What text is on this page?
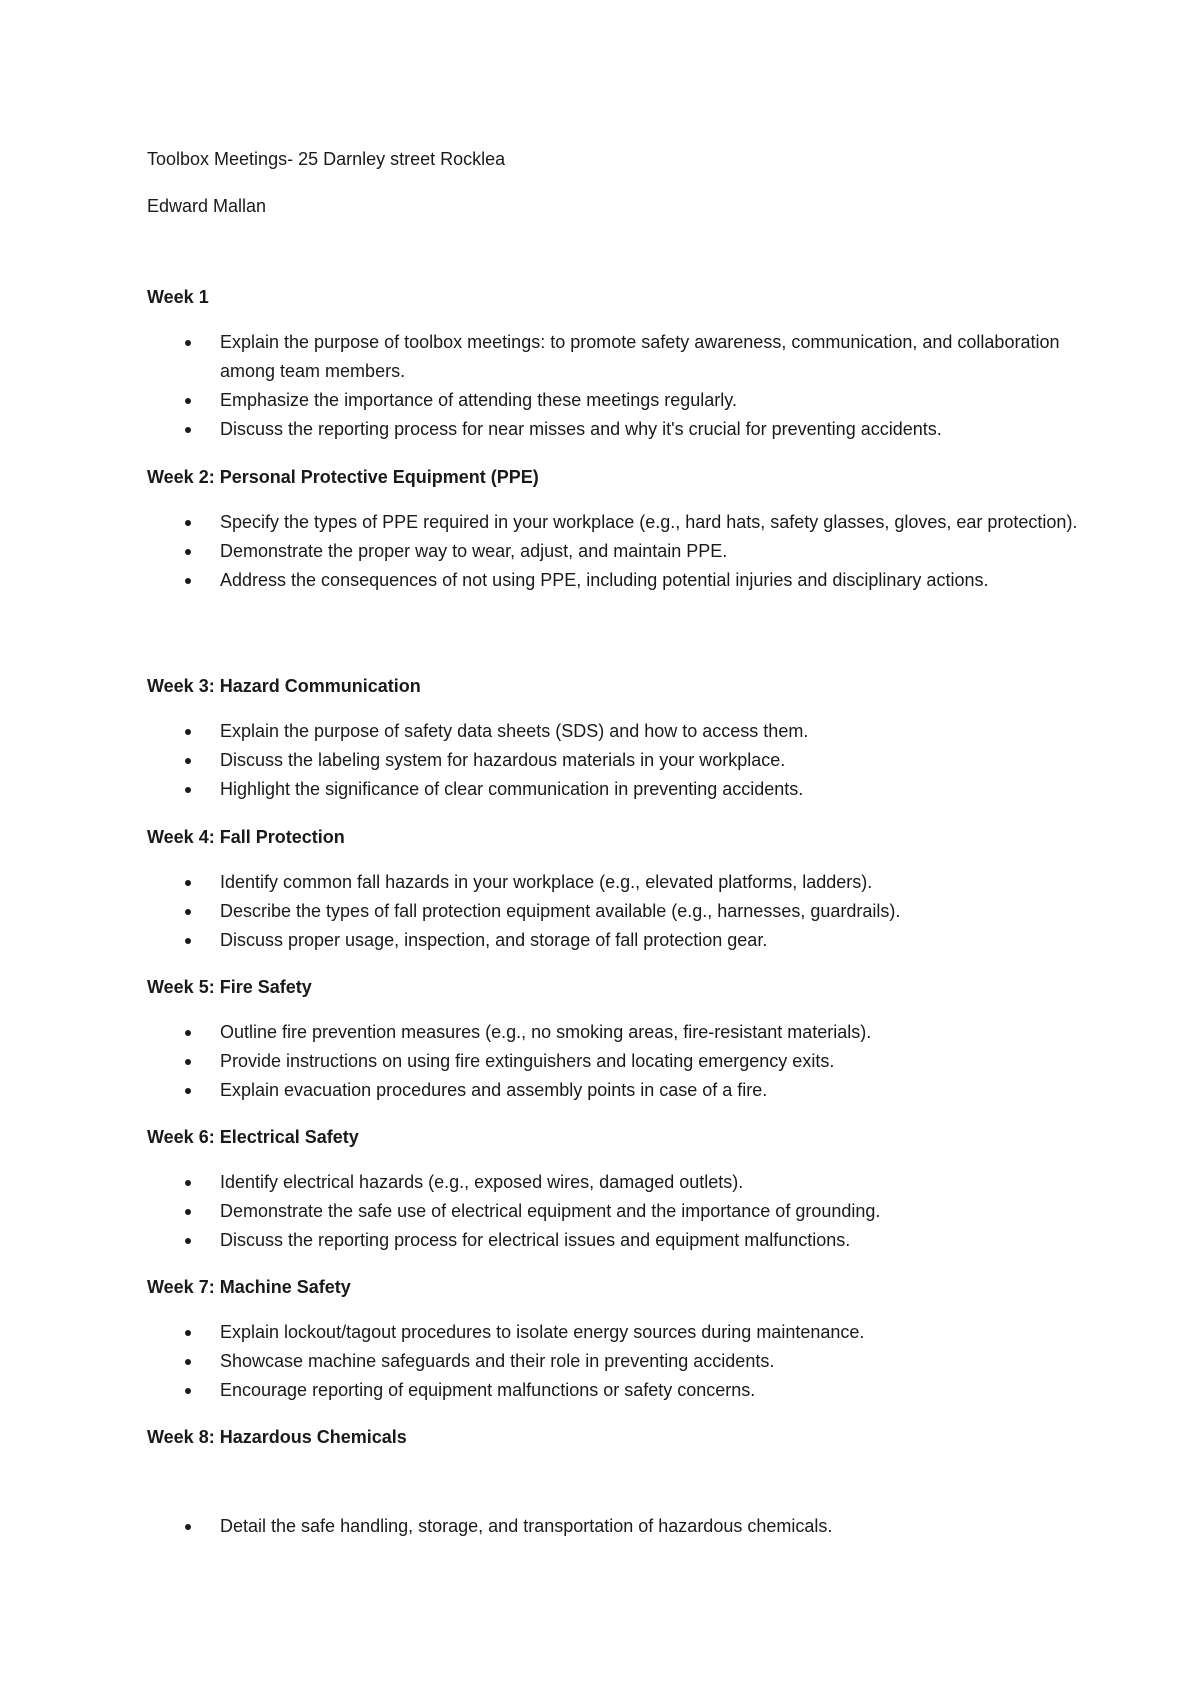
Toolbox Meetings- 25 Darnley street Rocklea

Edward Mallan

Week 1

Explain the purpose of toolbox meetings: to promote safety awareness, communication, and collaboration among team members.
Emphasize the importance of attending these meetings regularly.
Discuss the reporting process for near misses and why it's crucial for preventing accidents.

Week 2: Personal Protective Equipment (PPE)

Specify the types of PPE required in your workplace (e.g., hard hats, safety glasses, gloves, ear protection).
Demonstrate the proper way to wear, adjust, and maintain PPE.
Address the consequences of not using PPE, including potential injuries and disciplinary actions.

Week 3: Hazard Communication

Explain the purpose of safety data sheets (SDS) and how to access them.
Discuss the labeling system for hazardous materials in your workplace.
Highlight the significance of clear communication in preventing accidents.

Week 4: Fall Protection

Identify common fall hazards in your workplace (e.g., elevated platforms, ladders).
Describe the types of fall protection equipment available (e.g., harnesses, guardrails).
Discuss proper usage, inspection, and storage of fall protection gear.

Week 5: Fire Safety

Outline fire prevention measures (e.g., no smoking areas, fire-resistant materials).
Provide instructions on using fire extinguishers and locating emergency exits.
Explain evacuation procedures and assembly points in case of a fire.

Week 6: Electrical Safety

Identify electrical hazards (e.g., exposed wires, damaged outlets).
Demonstrate the safe use of electrical equipment and the importance of grounding.
Discuss the reporting process for electrical issues and equipment malfunctions.

Week 7: Machine Safety

Explain lockout/tagout procedures to isolate energy sources during maintenance.
Showcase machine safeguards and their role in preventing accidents.
Encourage reporting of equipment malfunctions or safety concerns.

Week 8: Hazardous Chemicals

Detail the safe handling, storage, and transportation of hazardous chemicals.
